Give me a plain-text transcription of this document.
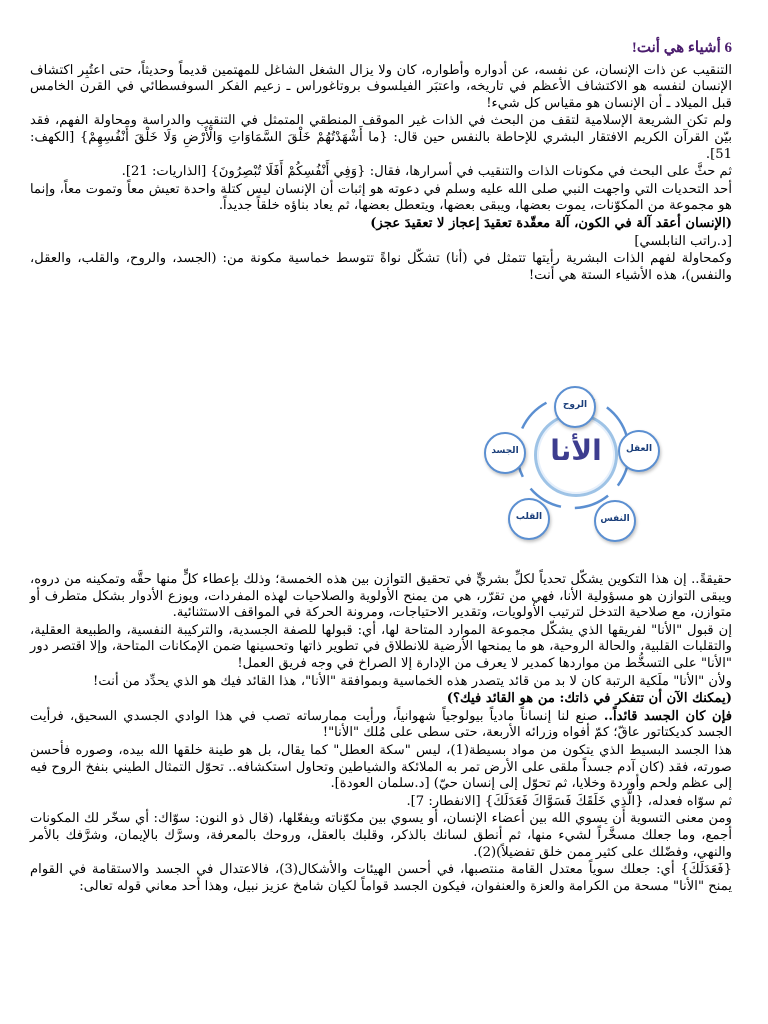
6 أشياء هي أنت!
التنقيب عن ذات الإنسان، عن نفسه، عن أدواره وأطواره، كان ولا يزال الشغل الشاغل للمهتمين قديماً وحديثاً، حتى اعتُبِر اكتشاف الإنسان لنفسه هو الاكتشاف الأعظم في تاريخه، واعتبَر الفيلسوف بروتاغوراس ـ زعيم الفكر السوفسطائي في القرن الخامس قبل الميلاد ـ أن الإنسان هو مقياس كل شيء!
ولم تكن الشريعة الإسلامية لتقف من البحث في الذات غير الموقف المنطقي المتمثل في التنقيب والدراسة ومحاولة الفهم، فقد بيّن القرآن الكريم الافتقار البشري للإحاطة بالنفس حين قال: {ما أَشْهَدْتُهُمْ خَلْقَ السَّمَاوَاتِ وَالْأَرْضِ وَلَا خَلْقَ أَنْفُسِهِمْ} [الكهف: 51].
ثم حثَّ على البحث في مكونات الذات والتنقيب في أسرارها، فقال: {وَفِي أَنْفُسِكُمْ أَفَلَا تُبْصِرُونَ} [الذاريات: 21].
أحد التحديات التي واجهت النبي صلى الله عليه وسلم في دعوته هو إثبات أن الإنسان ليس كتلة واحدة تعيش معاً وتموت معاً، وإنما هو مجموعة من المكوّنات، يموت بعضها، ويبقى بعضها، ويتعطل بعضها، ثم يعاد بناؤه خلقاً جديداً.
(الإنسان أعقد آلة في الكون، آلة معقّدة تعقيدَ إعجاز لا تعقيدَ عجز)
[د.راتب النابلسي]
وكمحاولة لفهم الذات البشرية رأيتها تتمثل في (أنا) تشكّل نواةً تتوسط خماسية مكونة من: (الجسد، والروح، والقلب، والعقل، والنفس)، هذه الأشياء الستة هي أنت!
الأنا
الروح
العقل
النفس
القلب
الجسد
حقيقةً.. إن هذا التكوين يشكّل تحدياً لكلِّ بشريٍّ في تحقيق التوازن بين هذه الخمسة؛ وذلك بإعطاء كلٍّ منها حقَّه وتمكينه من دروه، ويبقى التوازن هو مسؤولية الأنا، فهي من تقرّر، هي من يمنح الأولوية والصلاحيات لهذه المفردات، ويوزع الأدوار بشكل متطرف أو متوازن، مع صلاحية التدخل لترتيب الأولويات، وتقدير الاحتياجات، ومرونة الحركة في المواقف الاستثنائية.
إن قبول "الأنا" لفريقها الذي يشكّل مجموعة الموارد المتاحة لها، أي: قبولها للصفة الجسدية، والتركيبة النفسية، والطبيعة العقلية، والتقلبات القلبية، والحالة الروحية، هو ما يمنحها الأرضية للانطلاق في تطوير ذاتها وتحسينها ضمن الإمكانات المتاحة، وإلا اقتصر دور "الأنا" على التسخُّط من مواردها كمدير لا يعرف من الإدارة إلا الصراخ في وجه فريق العمل!
ولأن "الأنا" ملَكية الرتبة كان لا بد من قائد يتصدر هذه الخماسية وبموافقة "الأنا"، هذا القائد فيك هو الذي يحدِّد من أنت!
(يمكنك الآن أن تتفكر في ذاتك: من هو القائد فيك؟)
فإن كان الجسد قائداً.. صنع لنا إنساناً مادياً بيولوجياً شهوانياً، ورأيت ممارساته تصب في هذا الوادي الجسدي السحيق، فرأيت الجسد كديكتاتور عاقّ؛ كمّ أفواه وزرائه الأربعة، حتى سطى على مُلك "الأنا"!
هذا الجسد البسيط الذي يتكون من مواد بسيطة(1)، ليس "سكة العطل" كما يقال، بل هو طينة خلقها الله بيده، وصوره فأحسن صورته، فقد (كان آدم جسداً ملقى على الأرض تمر به الملائكة والشياطين وتحاول استكشافه.. تحوّل التمثال الطيني بنفخ الروح فيه إلى عظم ولحم وأوردة وخلايا، ثم تحوّل إلى إنسان حيّ) [د.سلمان العودة].
ثم سوّاه فعدله، {الَّذِي خَلَقَكَ فَسَوَّاكَ فَعَدَلَكَ} [الانفطار: 7].
ومن معنى التسوية أن يسوي الله بين أعضاء الإنسان، أو يسوي بين مكوّناته ويفعّلها، (قال ذو النون: سوّاك: أي سخّر لك المكونات أجمع، وما جعلك مسخَّراً لشيء منها، ثم أنطق لسانك بالذكر، وقلبك بالعقل، وروحك بالمعرفة، وسرَّك بالإيمان، وشرَّفك بالأمر والنهي، وفضّلك على كثير ممن خلق تفضيلاً)(2).
{فَعَدَلَكَ} أي: جعلك سوياً معتدل القامة منتصبها، في أحسن الهيئات والأشكال(3)، فالاعتدال في الجسد والاستقامة في القوام يمنح "الأنا" مسحة من الكرامة والعزة والعنفوان، فيكون الجسد قواماً لكيان شامخ عزيز نبيل، وهذا أحد معاني قوله تعالى:
